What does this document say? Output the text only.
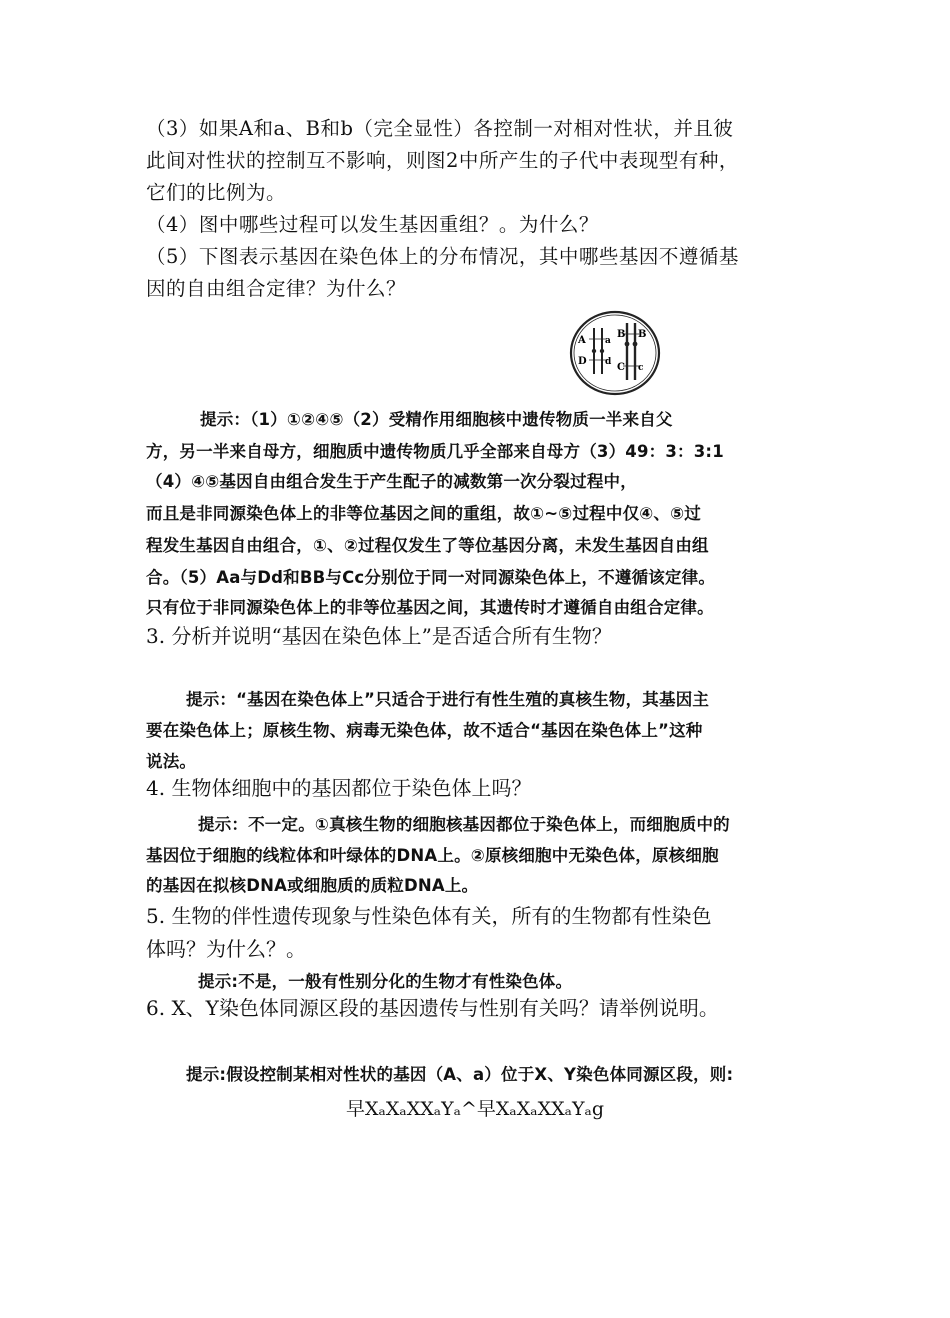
（3）如果A和a、B和b（完全显性）各控制一对相对性状，并且彼
此间对性状的控制互不影响，则图2中所产生的子代中表现型有种，
它们的比例为。
（4）图中哪些过程可以发生基因重组？。为什么？
（5）下图表示基因在染色体上的分布情况，其中哪些基因不遵循基
因的自由组合定律？为什么？
A a
D d
B B
C c
提示：（1）①②④⑤（2）受精作用细胞核中遗传物质一半来自父
方，另一半来自母方，细胞质中遗传物质几乎全部来自母方（3）49：3：3:1
（4）④⑤基因自由组合发生于产生配子的减数第一次分裂过程中，
而且是非同源染色体上的非等位基因之间的重组，故①~⑤过程中仅④、⑤过
程发生基因自由组合，①、②过程仅发生了等位基因分离，未发生基因自由组
合。（5）Aa与Dd和BB与Cc分别位于同一对同源染色体上，不遵循该定律。
只有位于非同源染色体上的非等位基因之间，其遗传时才遵循自由组合定律。
3. 分析并说明“基因在染色体上”是否适合所有生物？
提示：“基因在染色体上”只适合于进行有性生殖的真核生物，其基因主
要在染色体上；原核生物、病毒无染色体，故不适合“基因在染色体上”这种
说法。
4. 生物体细胞中的基因都位于染色体上吗？
提示：不一定。①真核生物的细胞核基因都位于染色体上，而细胞质中的
基因位于细胞的线粒体和叶绿体的DNA上。②原核细胞中无染色体，原核细胞
的基因在拟核DNA或细胞质的质粒DNA上。
5. 生物的伴性遗传现象与性染色体有关，所有的生物都有性染色
体吗？为什么？。
提示:不是，一般有性别分化的生物才有性染色体。
6. X、Y染色体同源区段的基因遗传与性别有关吗？请举例说明。
提示:假设控制某相对性状的基因（A、a）位于X、Y染色体同源区段，则:
早XₐXₐXXₐYₐ^早XₐXₐXXₐYₐg
